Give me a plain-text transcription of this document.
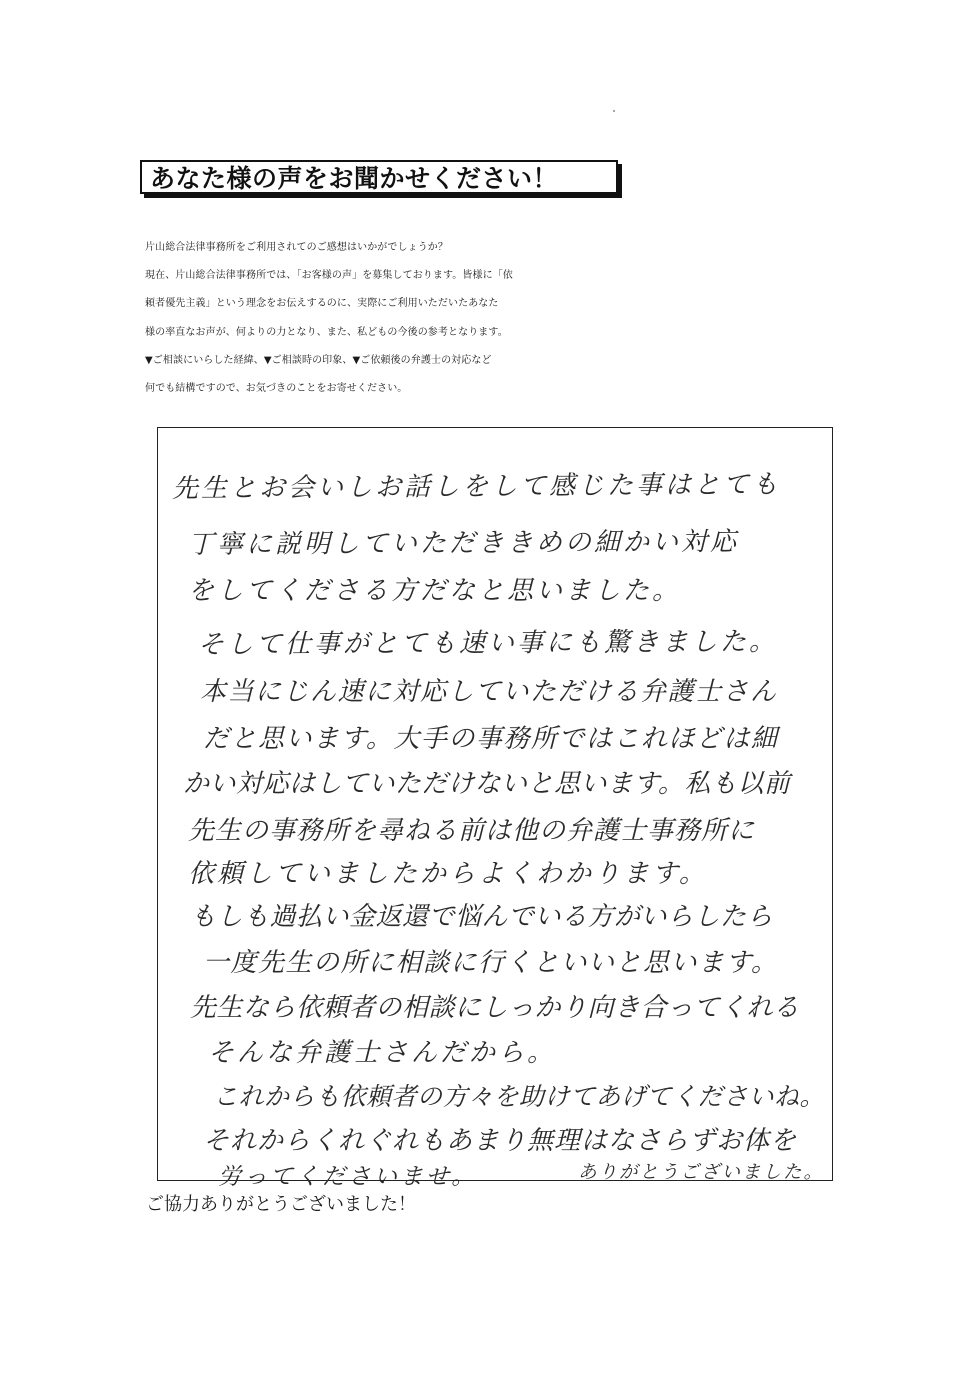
あなた様の声をお聞かせください！
片山総合法律事務所をご利用されてのご感想はいかがでしょうか？
現在、片山総合法律事務所では、「お客様の声」を募集しております。皆様に「依
頼者優先主義」という理念をお伝えするのに、実際にご利用いただいたあなた
様の率直なお声が、何よりの力となり、また、私どもの今後の参考となります。
▼ご相談にいらした経緯、▼ご相談時の印象、▼ご依頼後の弁護士の対応など
何でも結構ですので、お気づきのことをお寄せください。
先生とお会いしお話しをして感じた事はとても
丁寧に説明していただききめの細かい対応
をしてくださる方だなと思いました。
そして仕事がとても速い事にも驚きました。
本当にじん速に対応していただける弁護士さん
だと思います。大手の事務所ではこれほどは細
かい対応はしていただけないと思います。私も以前
先生の事務所を尋ねる前は他の弁護士事務所に
依頼していましたからよくわかります。
もしも過払い金返還で悩んでいる方がいらしたら
一度先生の所に相談に行くといいと思います。
先生なら依頼者の相談にしっかり向き合ってくれる
そんな弁護士さんだから。
これからも依頼者の方々を助けてあげてくださいね。
それからくれぐれもあまり無理はなさらずお体を
労ってくださいませ。	ありがとうございました。
ご協力ありがとうございました！
